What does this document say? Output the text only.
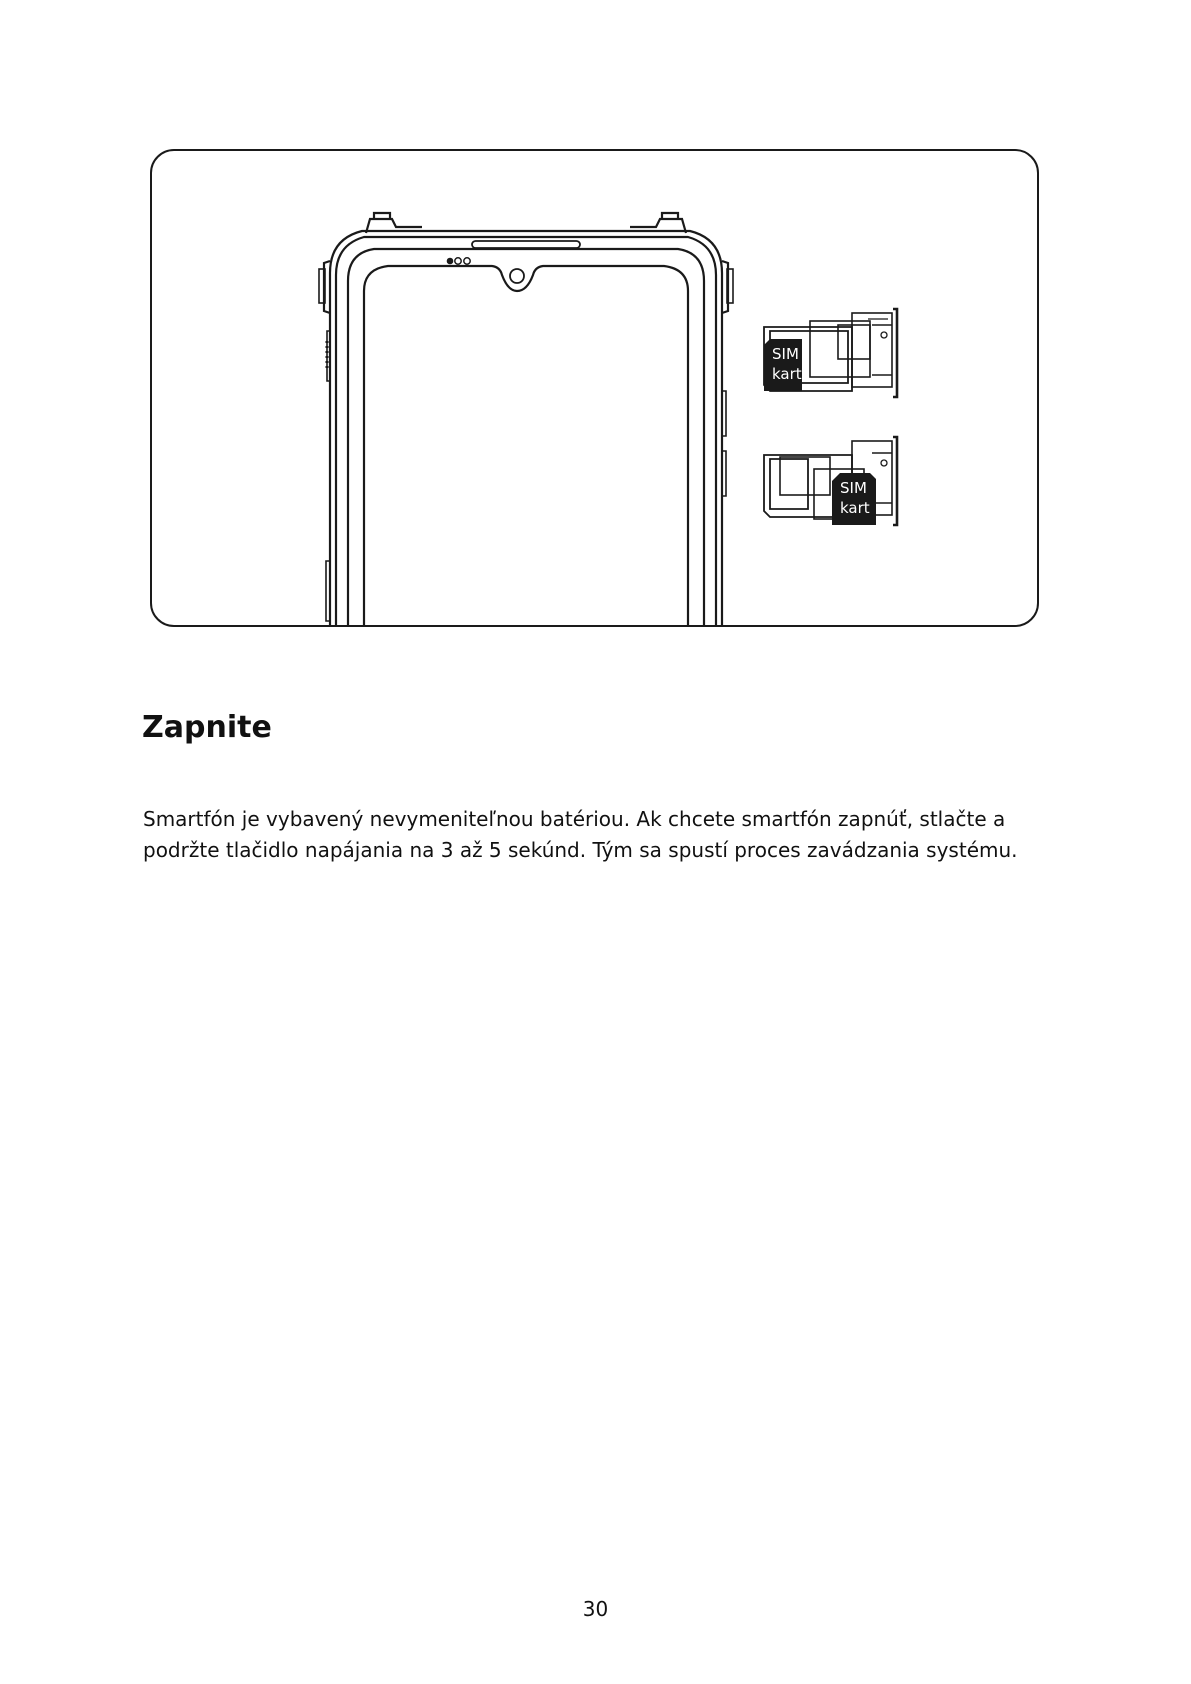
SIM
kart
SIM
kart
Zapnite

Smartfón je vybavený nevymeniteľnou batériou. Ak chcete smartfón zapnúť, stlačte a podržte tlačidlo napájania na 3 až 5 sekúnd. Tým sa spustí proces zavádzania systému.

30
